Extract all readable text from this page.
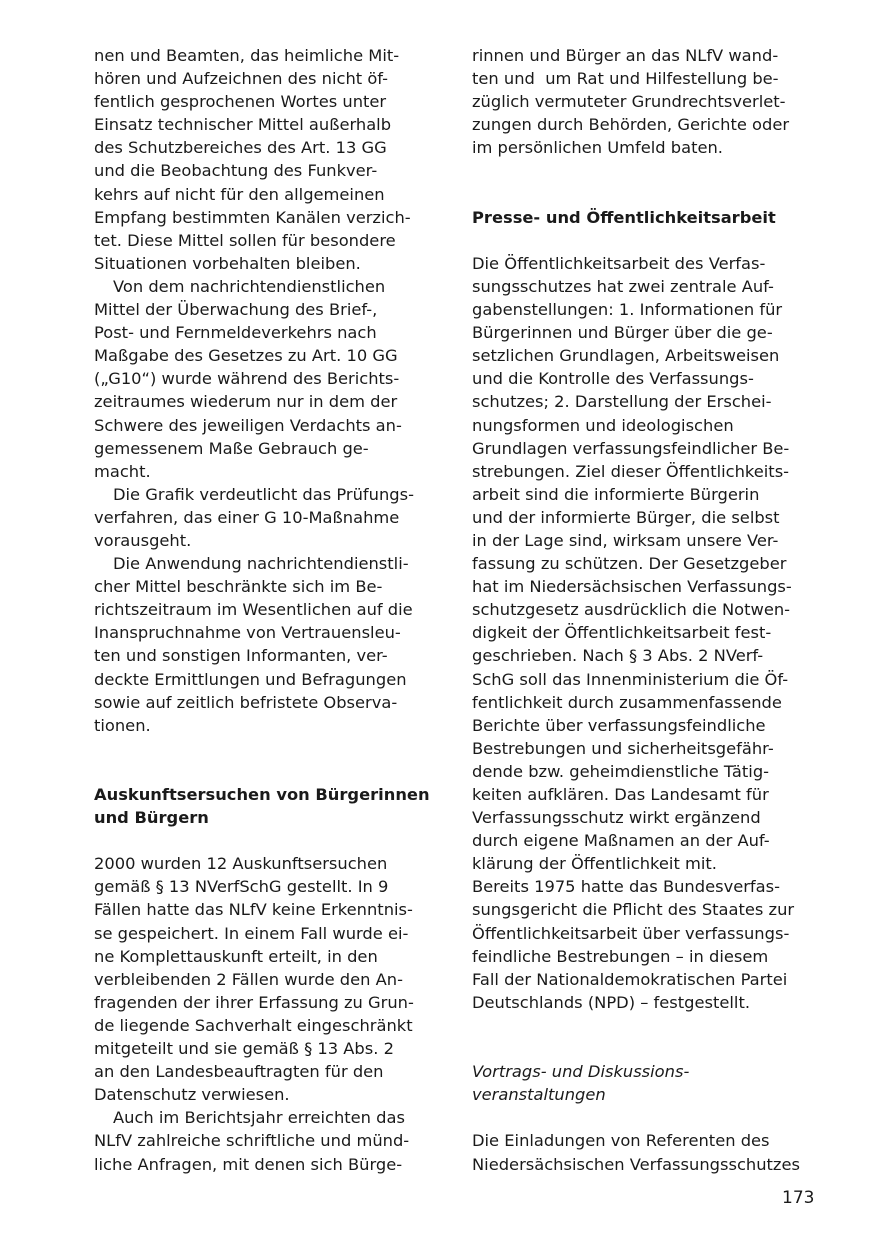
nen und Beamten, das heimliche Mit-
hören und Aufzeichnen des nicht öf-
fentlich gesprochenen Wortes unter
Einsatz technischer Mittel außerhalb
des Schutzbereiches des Art. 13 GG
und die Beobachtung des Funkver-
kehrs auf nicht für den allgemeinen
Empfang bestimmten Kanälen verzich-
tet. Diese Mittel sollen für besondere
Situationen vorbehalten bleiben.
Von dem nachrichtendienstlichen
Mittel der Überwachung des Brief-,
Post- und Fernmeldeverkehrs nach
Maßgabe des Gesetzes zu Art. 10 GG
(„G10“) wurde während des Berichts-
zeitraumes wiederum nur in dem der
Schwere des jeweiligen Verdachts an-
gemessenem Maße Gebrauch ge-
macht.
Die Grafik verdeutlicht das Prüfungs-
verfahren, das einer G 10-Maßnahme
vorausgeht.
Die Anwendung nachrichtendienstli-
cher Mittel beschränkte sich im Be-
richtszeitraum im Wesentlichen auf die
Inanspruchnahme von Vertrauensleu-
ten und sonstigen Informanten, ver-
deckte Ermittlungen und Befragungen
sowie auf zeitlich befristete Observa-
tionen.
Auskunftsersuchen von Bürgerinnen
und Bürgern
2000 wurden 12 Auskunftsersuchen
gemäß § 13 NVerfSchG gestellt. In 9
Fällen hatte das NLfV keine Erkenntnis-
se gespeichert. In einem Fall wurde ei-
ne Komplettauskunft erteilt, in den
verbleibenden 2 Fällen wurde den An-
fragenden der ihrer Erfassung zu Grun-
de liegende Sachverhalt eingeschränkt
mitgeteilt und sie gemäß § 13 Abs. 2
an den Landesbeauftragten für den
Datenschutz verwiesen.
Auch im Berichtsjahr erreichten das
NLfV zahlreiche schriftliche und münd-
liche Anfragen, mit denen sich Bürge-
rinnen und Bürger an das NLfV wand-
ten und  um Rat und Hilfestellung be-
züglich vermuteter Grundrechtsverlet-
zungen durch Behörden, Gerichte oder
im persönlichen Umfeld baten.
Presse- und Öffentlichkeitsarbeit
Die Öffentlichkeitsarbeit des Verfas-
sungsschutzes hat zwei zentrale Auf-
gabenstellungen: 1. Informationen für
Bürgerinnen und Bürger über die ge-
setzlichen Grundlagen, Arbeitsweisen
und die Kontrolle des Verfassungs-
schutzes; 2. Darstellung der Erschei-
nungsformen und ideologischen
Grundlagen verfassungsfeindlicher Be-
strebungen. Ziel dieser Öffentlichkeits-
arbeit sind die informierte Bürgerin
und der informierte Bürger, die selbst
in der Lage sind, wirksam unsere Ver-
fassung zu schützen. Der Gesetzgeber
hat im Niedersächsischen Verfassungs-
schutzgesetz ausdrücklich die Notwen-
digkeit der Öffentlichkeitsarbeit fest-
geschrieben. Nach § 3 Abs. 2 NVerf-
SchG soll das Innenministerium die Öf-
fentlichkeit durch zusammenfassende
Berichte über verfassungsfeindliche
Bestrebungen und sicherheitsgefähr-
dende bzw. geheimdienstliche Tätig-
keiten aufklären. Das Landesamt für
Verfassungsschutz wirkt ergänzend
durch eigene Maßnamen an der Auf-
klärung der Öffentlichkeit mit.
Bereits 1975 hatte das Bundesverfas-
sungsgericht die Pflicht des Staates zur
Öffentlichkeitsarbeit über verfassungs-
feindliche Bestrebungen – in diesem
Fall der Nationaldemokratischen Partei
Deutschlands (NPD) – festgestellt.
Vortrags- und Diskussions-
veranstaltungen
Die Einladungen von Referenten des
Niedersächsischen Verfassungsschutzes
173
